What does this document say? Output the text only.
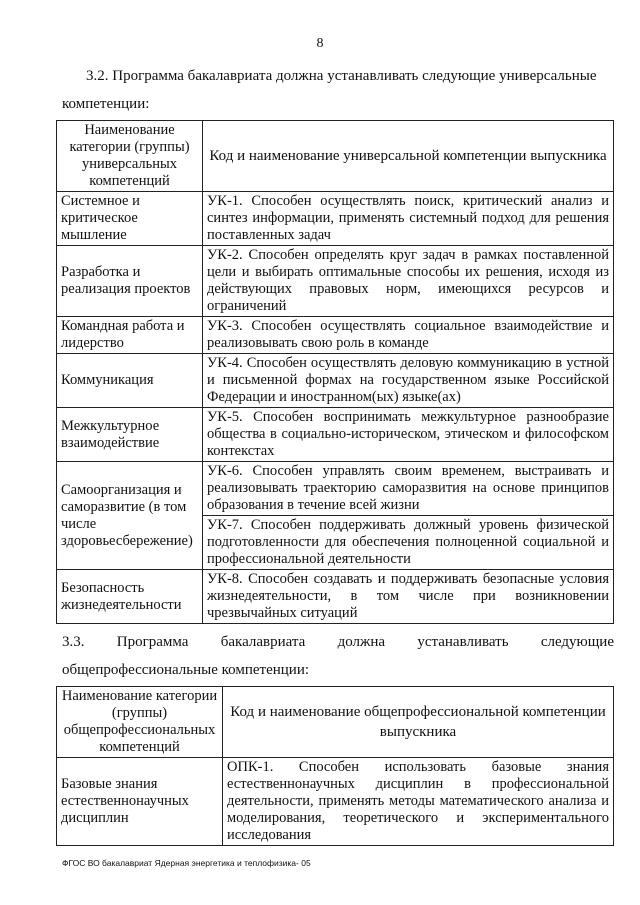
8
3.2. Программа бакалавриата должна устанавливать следующие универсальные
компетенции:
Наименование категории (группы) универсальных компетенций	Код и наименование универсальной компетенции выпускника
Системное и критическое мышление	УК-1. Способен осуществлять поиск, критический анализ и синтез информации, применять системный подход для решения поставленных задач
Разработка и реализация проектов	УК-2. Способен определять круг задач в рамках поставленной цели и выбирать оптимальные способы их решения, исходя из действующих правовых норм, имеющихся ресурсов и ограничений
Командная работа и лидерство	УК-3. Способен осуществлять социальное взаимодействие и реализовывать свою роль в команде
Коммуникация	УК-4. Способен осуществлять деловую коммуникацию в устной и письменной формах на государственном языке Российской Федерации и иностранном(ых) языке(ах)
Межкультурное взаимодействие	УК-5. Способен воспринимать межкультурное разнообразие общества в социально-историческом, этическом и философском контекстах
Самоорганизация и саморазвитие (в том числе здоровьесбережение)	УК-6. Способен управлять своим временем, выстраивать и реализовывать траекторию саморазвития на основе принципов образования в течение всей жизни
	УК-7. Способен поддерживать должный уровень физической подготовленности для обеспечения полноценной социальной и профессиональной деятельности
Безопасность жизнедеятельности	УК-8. Способен создавать и поддерживать безопасные условия жизнедеятельности, в том числе при возникновении чрезвычайных ситуаций
3.3. Программа бакалавриата должна устанавливать следующие
общепрофессиональные компетенции:
Наименование категории (группы) общепрофессиональных компетенций	Код и наименование общепрофессиональной компетенции выпускника
Базовые знания естественнонаучных дисциплин	ОПК-1. Способен использовать базовые знания естественнонаучных дисциплин в профессиональной деятельности, применять методы математического анализа и моделирования, теоретического и экспериментального исследования
ФГОС ВО бакалавриат Ядерная энергетика и теплофизика- 05
